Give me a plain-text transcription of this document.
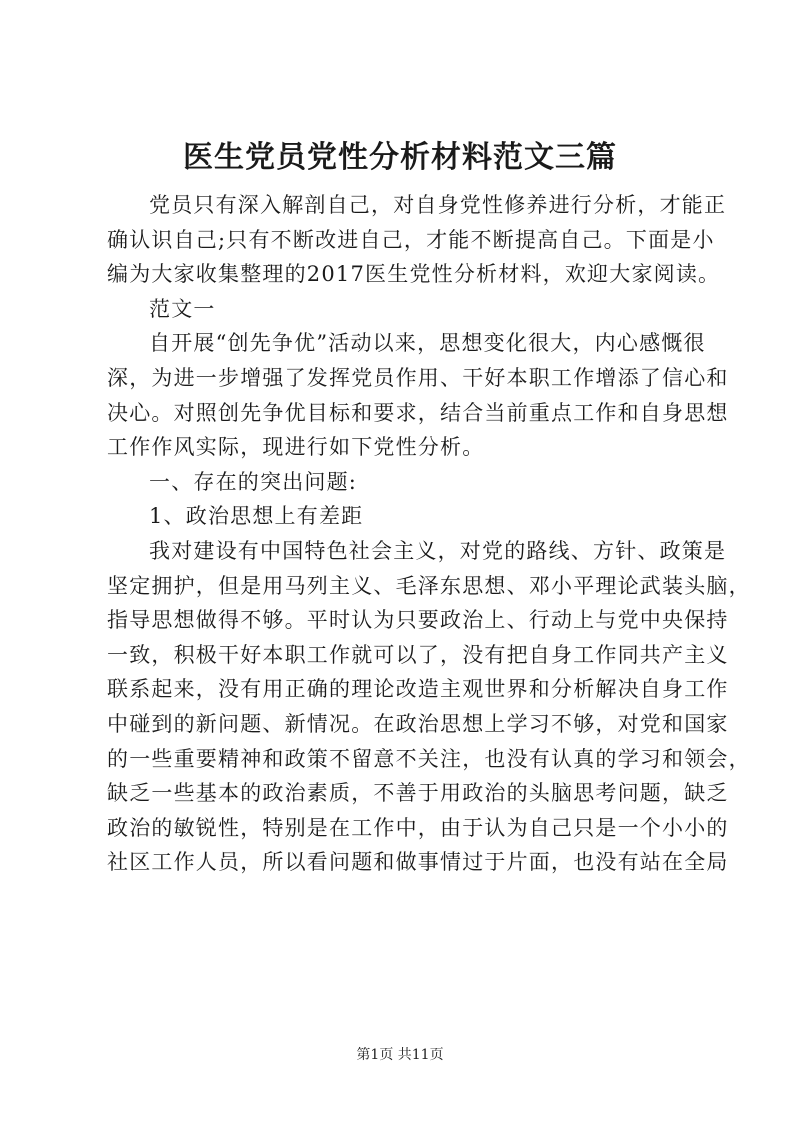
医生党员党性分析材料范文三篇
党员只有深入解剖自己，对自身党性修养进行分析，才能正
确认识自己;只有不断改进自己，才能不断提高自己。下面是小
编为大家收集整理的2017医生党性分析材料，欢迎大家阅读。
范文一
自开展“创先争优”活动以来，思想变化很大，内心感慨很
深，为进一步增强了发挥党员作用、干好本职工作增添了信心和
决心。对照创先争优目标和要求，结合当前重点工作和自身思想
工作作风实际，现进行如下党性分析。
一、存在的突出问题:
1、政治思想上有差距
我对建设有中国特色社会主义，对党的路线、方针、政策是
坚定拥护，但是用马列主义、毛泽东思想、邓小平理论武装头脑，
指导思想做得不够。平时认为只要政治上、行动上与党中央保持
一致，积极干好本职工作就可以了，没有把自身工作同共产主义
联系起来，没有用正确的理论改造主观世界和分析解决自身工作
中碰到的新问题、新情况。在政治思想上学习不够，对党和国家
的一些重要精神和政策不留意不关注，也没有认真的学习和领会，
缺乏一些基本的政治素质，不善于用政治的头脑思考问题，缺乏
政治的敏锐性，特别是在工作中，由于认为自己只是一个小小的
社区工作人员，所以看问题和做事情过于片面，也没有站在全局
第1页 共11页
